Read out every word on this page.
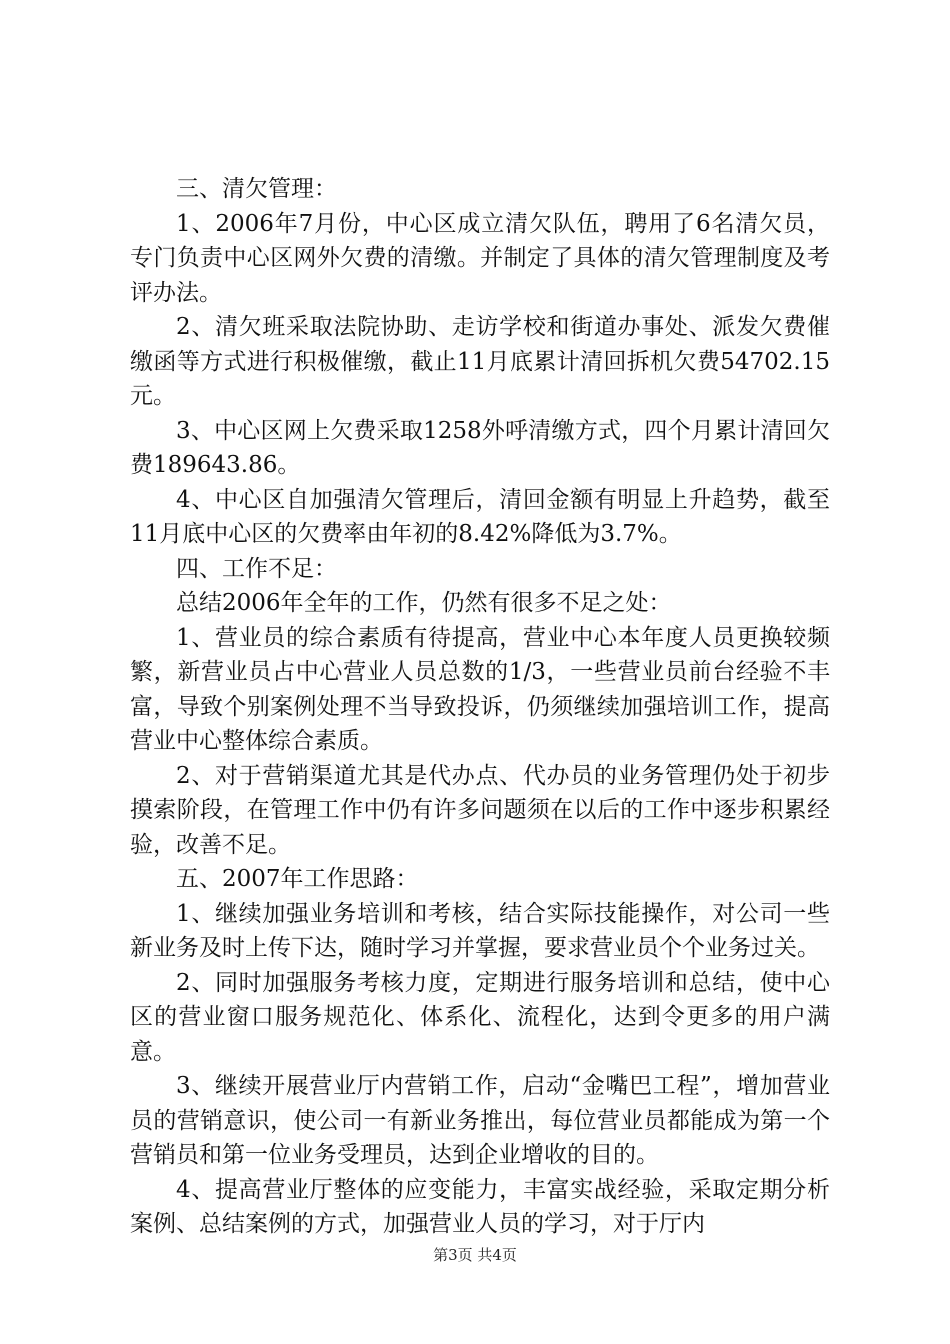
三、清欠管理：

1、2006年7月份，中心区成立清欠队伍，聘用了6名清欠员，专门负责中心区网外欠费的清缴。并制定了具体的清欠管理制度及考评办法。

2、清欠班采取法院协助、走访学校和街道办事处、派发欠费催缴函等方式进行积极催缴，截止11月底累计清回拆机欠费54702.15元。

3、中心区网上欠费采取1258外呼清缴方式，四个月累计清回欠费189643.86。

4、中心区自加强清欠管理后，清回金额有明显上升趋势，截至11月底中心区的欠费率由年初的8.42%降低为3.7%。

四、工作不足：

总结2006年全年的工作，仍然有很多不足之处：

1、营业员的综合素质有待提高，营业中心本年度人员更换较频繁，新营业员占中心营业人员总数的1/3，一些营业员前台经验不丰富，导致个别案例处理不当导致投诉，仍须继续加强培训工作，提高营业中心整体综合素质。

2、对于营销渠道尤其是代办点、代办员的业务管理仍处于初步摸索阶段，在管理工作中仍有许多问题须在以后的工作中逐步积累经验，改善不足。

五、2007年工作思路：

1、继续加强业务培训和考核，结合实际技能操作，对公司一些新业务及时上传下达，随时学习并掌握，要求营业员个个业务过关。

2、同时加强服务考核力度，定期进行服务培训和总结，使中心区的营业窗口服务规范化、体系化、流程化，达到令更多的用户满意。

3、继续开展营业厅内营销工作，启动“金嘴巴工程”，增加营业员的营销意识，使公司一有新业务推出，每位营业员都能成为第一个营销员和第一位业务受理员，达到企业增收的目的。

4、提高营业厅整体的应变能力，丰富实战经验，采取定期分析案例、总结案例的方式，加强营业人员的学习，对于厅内

第3页 共4页
